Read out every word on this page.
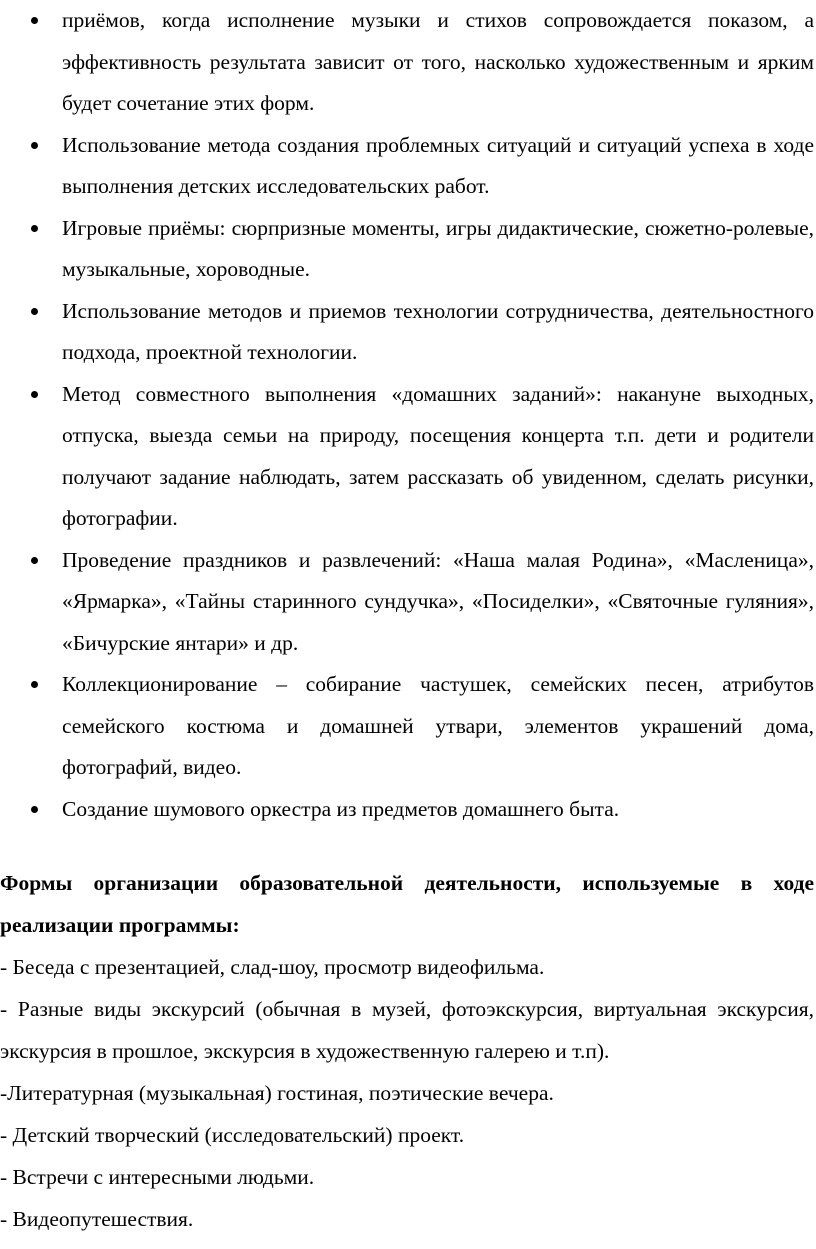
приёмов, когда исполнение музыки и стихов сопровождается показом, а эффективность результата зависит от того, насколько художественным и ярким будет сочетание этих форм.
Использование метода создания проблемных ситуаций и ситуаций успеха в ходе выполнения детских исследовательских работ.
Игровые приёмы: сюрпризные моменты, игры дидактические, сюжетно-ролевые, музыкальные, хороводные.
Использование методов и приемов технологии сотрудничества, деятельностного подхода, проектной технологии.
Метод совместного выполнения «домашних заданий»: накануне выходных, отпуска, выезда семьи на природу, посещения концерта т.п. дети и родители получают задание наблюдать, затем рассказать об увиденном, сделать рисунки, фотографии.
Проведение праздников и развлечений: «Наша малая Родина», «Масленица», «Ярмарка», «Тайны старинного сундучка», «Посиделки», «Святочные гуляния», «Бичурские янтари» и др.
Коллекционирование – собирание частушек, семейских песен, атрибутов семейского костюма и домашней утвари, элементов украшений дома, фотографий, видео.
Создание шумового оркестра из предметов домашнего быта.

Формы организации образовательной деятельности, используемые в ходе реализации программы:

- Беседа с презентацией, слад-шоу, просмотр видеофильма.

- Разные виды экскурсий (обычная в музей, фотоэкскурсия, виртуальная экскурсия, экскурсия в прошлое, экскурсия в художественную галерею и т.п).

-Литературная (музыкальная) гостиная, поэтические вечера.

- Детский творческий (исследовательский) проект.

- Встречи с интересными людьми.

- Видеопутешествия.
